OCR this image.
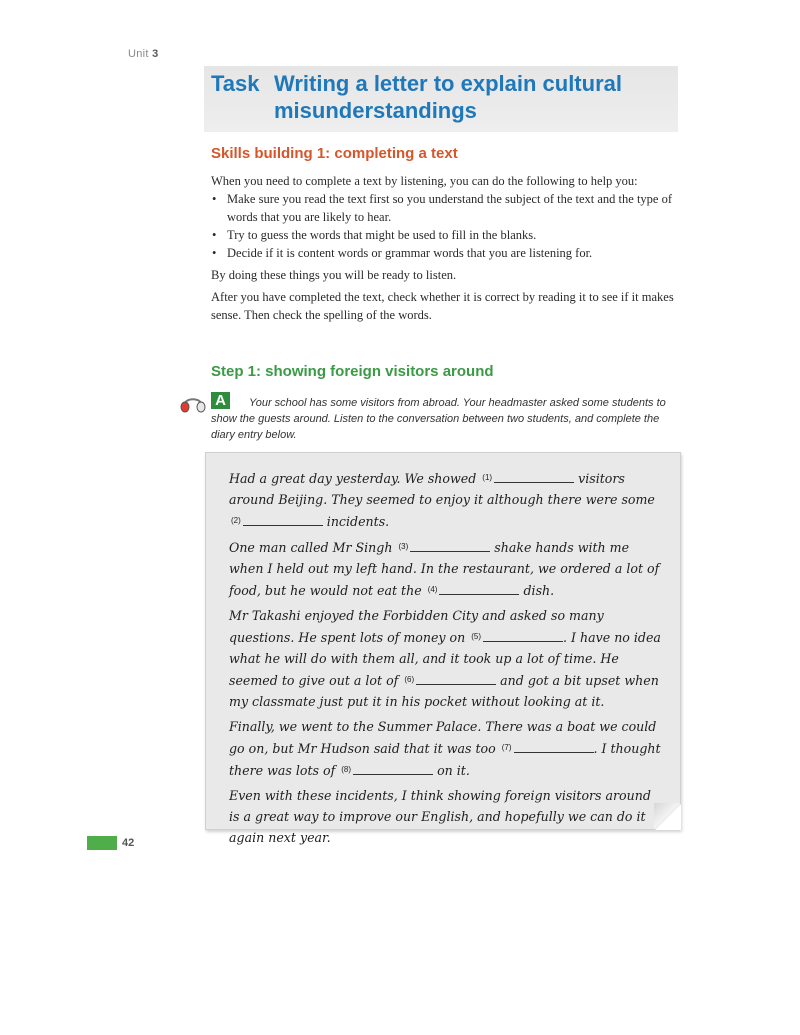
Unit 3
Task Writing a letter to explain cultural
misunderstandings
Skills building 1: completing a text

When you need to complete a text by listening, you can do the following to help you:

• Make sure you read the text first so you understand the subject of the text and the type of words that you are likely to hear.
• Try to guess the words that might be used to fill in the blanks.
• Decide if it is content words or grammar words that you are listening for.

By doing these things you will be ready to listen.

After you have completed the text, check whether it is correct by reading it to see if it makes sense. Then check the spelling of the words.

Step 1: showing foreign visitors around
A	Your school has some visitors from abroad. Your headmaster asked some students to show the guests around. Listen to the conversation between two students, and complete the diary entry below.

Had a great day yesterday. We showed $^{(1)}$	visitors around Beijing. They seemed to enjoy it although there were some $^{(2)}$	incidents.

One man called Mr Singh $^{(3)}$	shake hands with me when I held out my left hand. In the restaurant, we ordered a lot of food, but he would not eat the $^{(4)}$	dish.

Mr Takashi enjoyed the Forbidden City and asked so many questions. He spent lots of money on $^{(5)}$	. I have no idea what he will do with them all, and it took up a lot of time. He seemed to give out a lot of $^{(6)}$	and got a bit upset when my classmate just put it in his pocket without looking at it.

Finally, we went to the Summer Palace. There was a boat we could go on, but Mr Hudson said that it was too $^{(7)}$	. I thought there was lots of $^{(8)}$	on it.

Even with these incidents, I think showing foreign visitors around is a great way to improve our English, and hopefully we can do it again next year.

42
